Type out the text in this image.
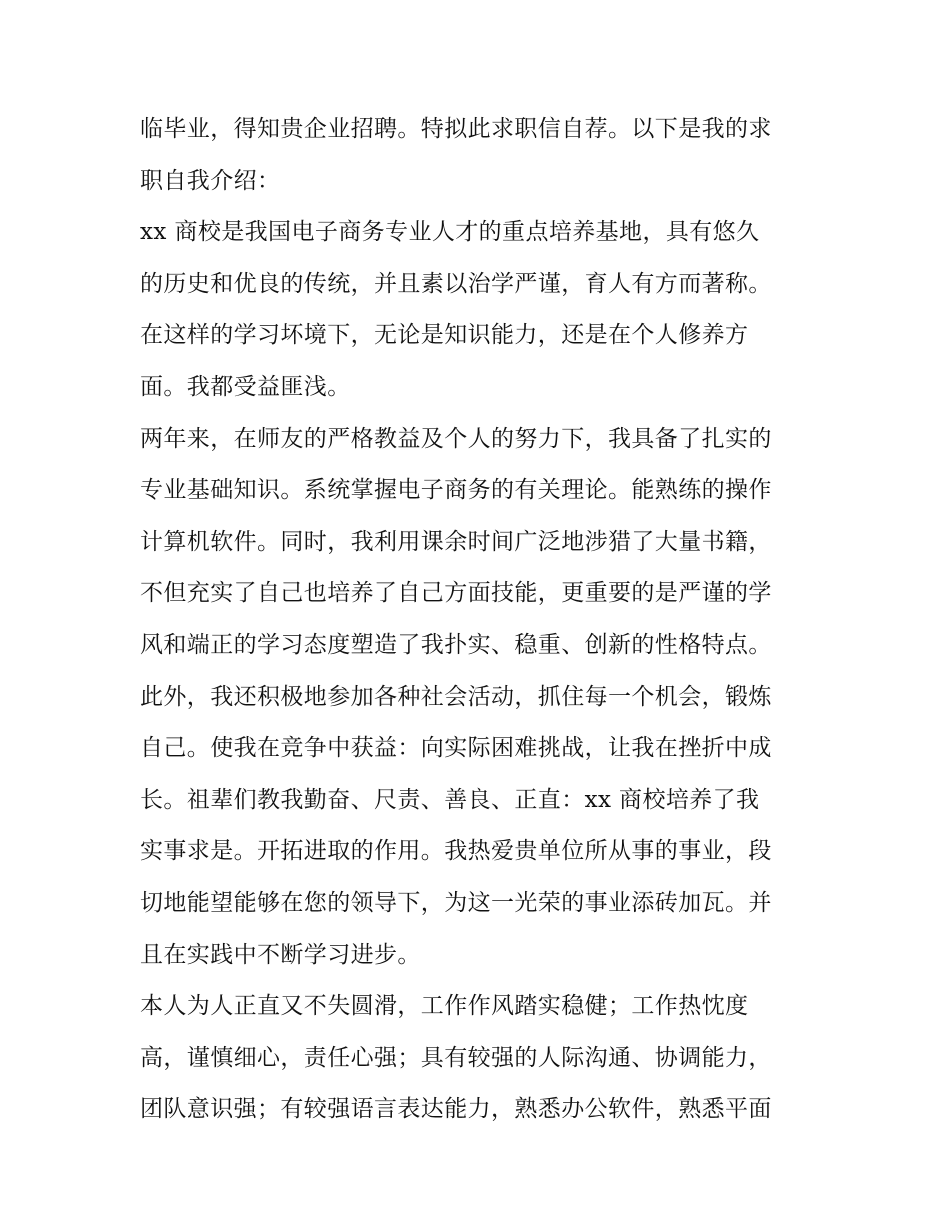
临毕业，得知贵企业招聘。特拟此求职信自荐。以下是我的求
职自我介绍：
xx 商校是我国电子商务专业人才的重点培养基地，具有悠久
的历史和优良的传统，并且素以治学严谨，育人有方而著称。
在这样的学习坏境下，无论是知识能力，还是在个人修养方
面。我都受益匪浅。
两年来，在师友的严格教益及个人的努力下，我具备了扎实的
专业基础知识。系统掌握电子商务的有关理论。能熟练的操作
计算机软件。同时，我利用课余时间广泛地涉猎了大量书籍，
不但充实了自己也培养了自己方面技能，更重要的是严谨的学
风和端正的学习态度塑造了我扑实、稳重、创新的性格特点。
此外，我还积极地参加各种社会活动，抓住每一个机会，锻炼
自己。使我在竞争中获益：向实际困难挑战，让我在挫折中成
长。祖辈们教我勤奋、尺责、善良、正直：xx 商校培养了我
实事求是。开拓进取的作用。我热爱贵单位所从事的事业，段
切地能望能够在您的领导下，为这一光荣的事业添砖加瓦。并
且在实践中不断学习进步。
本人为人正直又不失圆滑，工作作风踏实稳健；工作热忱度
高，谨慎细心，责任心强；具有较强的人际沟通、协调能力，
团队意识强；有较强语言表达能力，熟悉办公软件，熟悉平面
